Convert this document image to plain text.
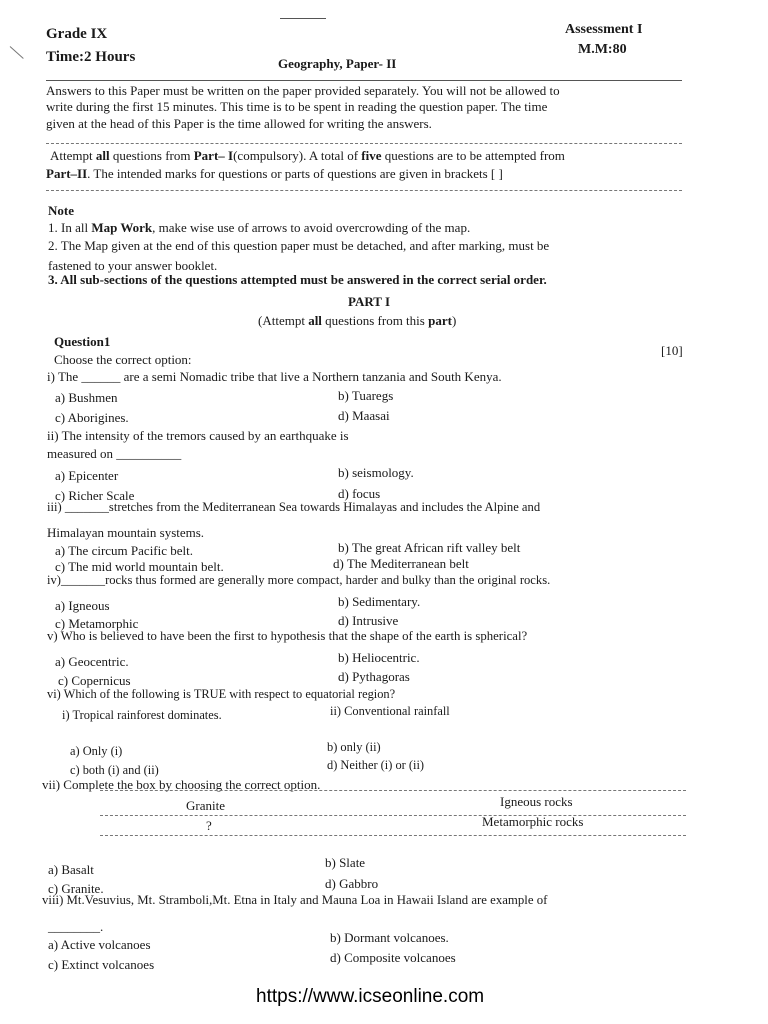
Grade IX
Time:2 Hours
Assessment I
M.M:80
Geography, Paper- II
Answers to this Paper must be written on the paper provided separately. You will not be allowed to
write during the first 15 minutes. This time is to be spent in reading the question paper. The time
given at the head of this Paper is the time allowed for writing the answers.
Attempt all questions from Part– I(compulsory). A total of five questions are to be attempted from
Part–II. The intended marks for questions or parts of questions are given in brackets [ ]
Note
1. In all Map Work, make wise use of arrows to avoid overcrowding of the map.
2. The Map given at the end of this question paper must be detached, and after marking, must be
fastened to your answer booklet.
3. All sub-sections of the questions attempted must be answered in the correct serial order.
PART I
(Attempt all questions from this part)
Question1
[10]
Choose the correct option:
i) The ______ are a semi Nomadic tribe that live a Northern tanzania and South Kenya.
a) Bushmen	b) Tuaregs
c) Aborigines.	d) Maasai
ii) The intensity of the tremors caused by an earthquake is
measured on __________
a) Epicenter	b) seismology.
c) Richer Scale	d) focus
iii) _______stretches from the Mediterranean Sea towards Himalayas and includes the Alpine and
Himalayan mountain systems.
a) The circum Pacific belt.	b) The great African rift valley belt
c) The mid world mountain belt.	d) The Mediterranean belt
iv)_______rocks thus formed are generally more compact, harder and bulky than the original rocks.
a) Igneous	b) Sedimentary.
c) Metamorphic	d) Intrusive
v) Who is believed to have been the first to hypothesis that the shape of the earth is spherical?
a) Geocentric.	b) Heliocentric.
c) Copernicus	d) Pythagoras
vi) Which of the following is TRUE with respect to equatorial region?
i) Tropical rainforest dominates.	ii) Conventional rainfall
a) Only (i)	b) only (ii)
c) both (i) and (ii)	d) Neither (i) or (ii)
vii) Complete the box by choosing the correct option.
Granite	Igneous rocks
?	Metamorphic rocks
a) Basalt	b) Slate
c) Granite.	d) Gabbro
viii) Mt.Vesuvius, Mt. Stramboli,Mt. Etna in Italy and Mauna Loa in Hawaii Island are example of
________.
a) Active volcanoes	b) Dormant volcanoes.
c) Extinct volcanoes	d) Composite volcanoes
https://www.icseonline.com
